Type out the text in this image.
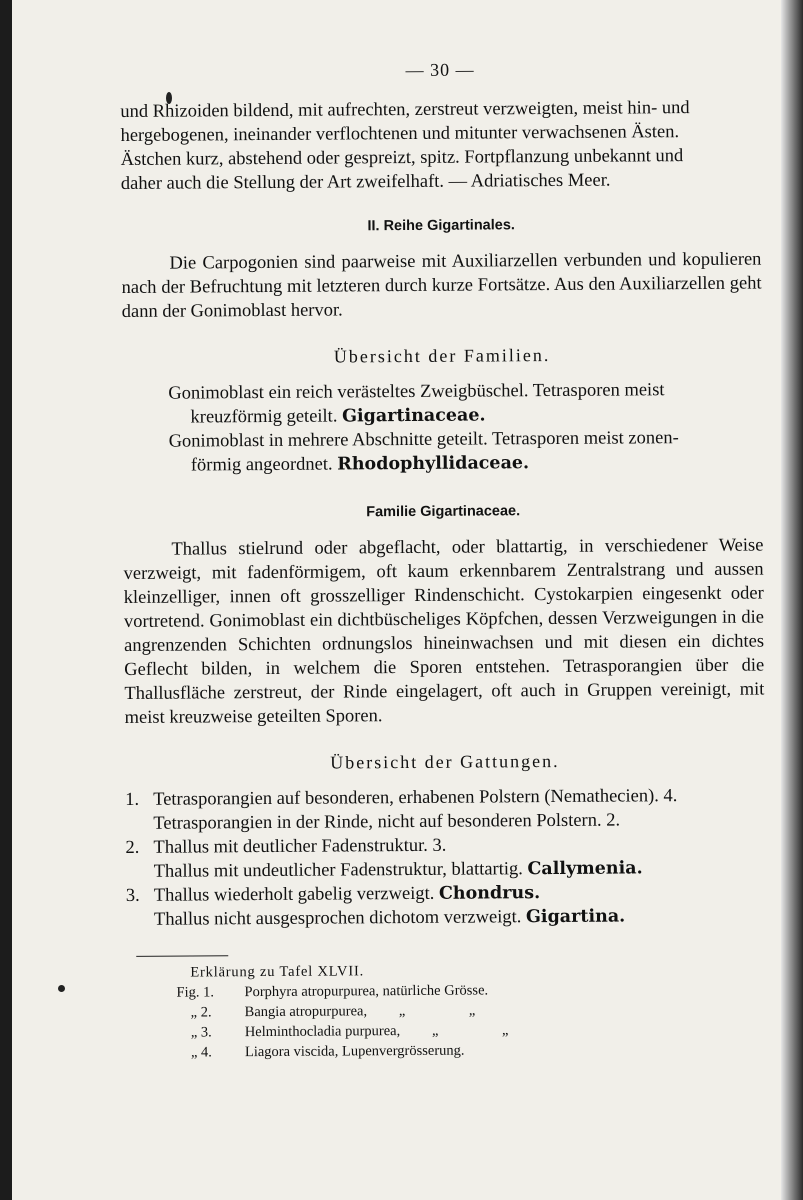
— 30 —
und Rhizoiden bildend, mit aufrechten, zerstreut verzweigten, meist hin- und
hergebogenen, ineinander verflochtenen und mitunter verwachsenen Ästen.
Ästchen kurz, abstehend oder gespreizt, spitz. Fortpflanzung unbekannt und
daher auch die Stellung der Art zweifelhaft. — Adriatisches Meer.
II. Reihe Gigartinales.

Die Carpogonien sind paarweise mit Auxiliarzellen verbunden und kopulieren nach der Befruchtung mit letzteren durch kurze Fortsätze. Aus den Auxiliarzellen geht dann der Gonimoblast hervor.

Übersicht der Familien.
Gonimoblast ein reich verästeltes Zweigbüschel. Tetrasporen meist
kreuzförmig geteilt. Gigartinaceae.
Gonimoblast in mehrere Abschnitte geteilt. Tetrasporen meist zonen-
förmig angeordnet. Rhodophyllidaceae.
Familie Gigartinaceae.

Thallus stielrund oder abgeflacht, oder blattartig, in verschiedener Weise verzweigt, mit fadenförmigem, oft kaum erkennbarem Zentralstrang und aussen kleinzelliger, innen oft grosszelliger Rindenschicht. Cystokarpien eingesenkt oder vortretend. Gonimoblast ein dichtbüscheliges Köpfchen, dessen Verzweigungen in die angrenzenden Schichten ordnungslos hineinwachsen und mit diesen ein dichtes Geflecht bilden, in welchem die Sporen entstehen. Tetrasporangien über die Thallusfläche zerstreut, der Rinde eingelagert, oft auch in Gruppen vereinigt, mit meist kreuzweise geteilten Sporen.

Übersicht der Gattungen.
1. Tetrasporangien auf besonderen, erhabenen Polstern (Nemathecien). 4.
Tetrasporangien in der Rinde, nicht auf besonderen Polstern. 2.
2. Thallus mit deutlicher Fadenstruktur. 3.
Thallus mit undeutlicher Fadenstruktur, blattartig. Callymenia.
3. Thallus wiederholt gabelig verzweigt. Chondrus.
Thallus nicht ausgesprochen dichotom verzweigt. Gigartina.
Erklärung zu Tafel XLVII.
Fig. 1. Porphyra atropurpurea, natürliche Grösse.
„ 2. Bangia atropurpurea, „	„
„ 3. Helminthocladia purpurea, „	„
„ 4. Liagora viscida, Lupenvergrösserung.
